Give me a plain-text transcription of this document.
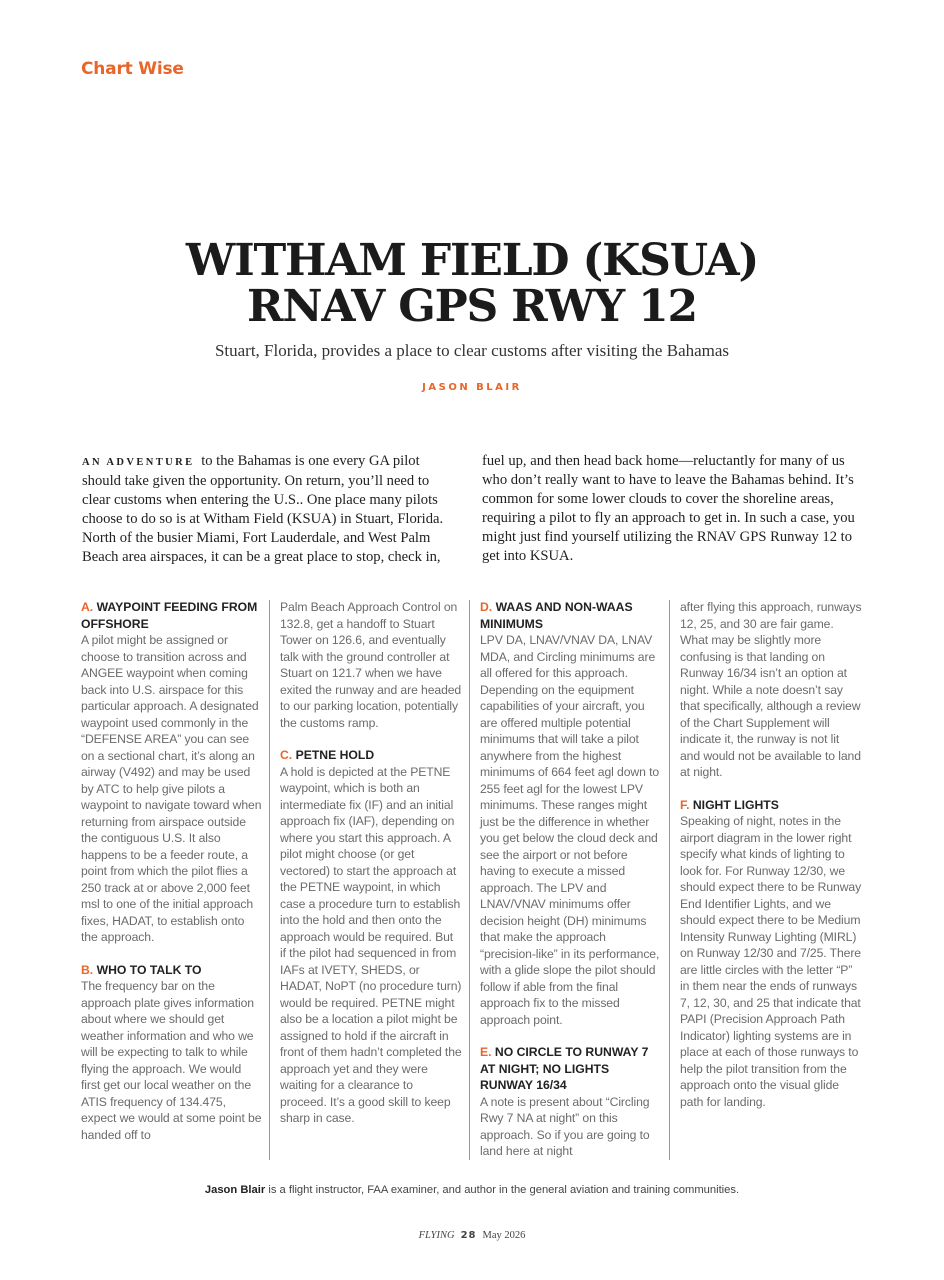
Chart Wise
WITHAM FIELD (KSUA)
RNAV GPS RWY 12
Stuart, Florida, provides a place to clear customs after visiting the Bahamas
JASON BLAIR
AN ADVENTURE to the Bahamas is one every GA pilot should take given the opportunity. On return, you’ll need to clear customs when entering the U.S.. One place many pilots choose to do so is at Witham Field (KSUA) in Stuart, Florida. North of the busier Miami, Fort Lauderdale, and West Palm Beach area airspaces, it can be a great place to stop, check in,
fuel up, and then head back home—reluctantly for many of us who don’t really want to have to leave the Bahamas behind. It’s common for some lower clouds to cover the shoreline areas, requiring a pilot to fly an approach to get in. In such a case, you might just find yourself utilizing the RNAV GPS Runway 12 to get into KSUA.

A. WAYPOINT FEEDING FROM OFFSHORE

A pilot might be assigned or choose to transition across and ANGEE waypoint when coming back into U.S. airspace for this particular approach. A designated waypoint used commonly in the “DEFENSE AREA” you can see on a sectional chart, it’s along an airway (V492) and may be used by ATC to help give pilots a waypoint to navigate toward when returning from airspace outside the contiguous U.S. It also happens to be a feeder route, a point from which the pilot flies a 250 track at or above 2,000 feet msl to one of the initial approach fixes, HADAT, to establish onto the approach.

B. WHO TO TALK TO

The frequency bar on the approach plate gives information about where we should get weather information and who we will be expecting to talk to while flying the approach. We would first get our local weather on the ATIS frequency of 134.475, expect we would at some point be handed off to

Palm Beach Approach Control on 132.8, get a handoff to Stuart Tower on 126.6, and eventually talk with the ground controller at Stuart on 121.7 when we have exited the runway and are headed to our parking location, potentially the customs ramp.

C. PETNE HOLD

A hold is depicted at the PETNE waypoint, which is both an intermediate fix (IF) and an initial approach fix (IAF), depending on where you start this approach. A pilot might choose (or get vectored) to start the approach at the PETNE waypoint, in which case a procedure turn to establish into the hold and then onto the approach would be required. But if the pilot had sequenced in from IAFs at IVETY, SHEDS, or HADAT, NoPT (no procedure turn) would be required. PETNE might also be a location a pilot might be assigned to hold if the aircraft in front of them hadn’t completed the approach yet and they were waiting for a clearance to proceed. It’s a good skill to keep sharp in case.

D. WAAS AND NON-WAAS MINIMUMS

LPV DA, LNAV/VNAV DA, LNAV MDA, and Circling minimums are all offered for this approach. Depending on the equipment capabilities of your aircraft, you are offered multiple potential minimums that will take a pilot anywhere from the highest minimums of 664 feet agl down to 255 feet agl for the lowest LPV minimums. These ranges might just be the difference in whether you get below the cloud deck and see the airport or not before having to execute a missed approach. The LPV and LNAV/VNAV minimums offer decision height (DH) minimums that make the approach “precision-like” in its performance, with a glide slope the pilot should follow if able from the final approach fix to the missed approach point.

E. NO CIRCLE TO RUNWAY 7 AT NIGHT; NO LIGHTS RUNWAY 16/34

A note is present about “Circling Rwy 7 NA at night” on this approach. So if you are going to land here at night

after flying this approach, runways 12, 25, and 30 are fair game. What may be slightly more confusing is that landing on Runway 16/34 isn’t an option at night. While a note doesn’t say that specifically, although a review of the Chart Supplement will indicate it, the runway is not lit and would not be available to land at night.

F. NIGHT LIGHTS

Speaking of night, notes in the airport diagram in the lower right specify what kinds of lighting to look for. For Runway 12/30, we should expect there to be Runway End Identifier Lights, and we should expect there to be Medium Intensity Runway Lighting (MIRL) on Runway 12/30 and 7/25. There are little circles with the letter “P” in them near the ends of runways 7, 12, 30, and 25 that indicate that PAPI (Precision Approach Path Indicator) lighting systems are in place at each of those runways to help the pilot transition from the approach onto the visual glide path for landing.

Jason Blair is a flight instructor, FAA examiner, and author in the general aviation and training communities.
FLYING 28 May 2026
